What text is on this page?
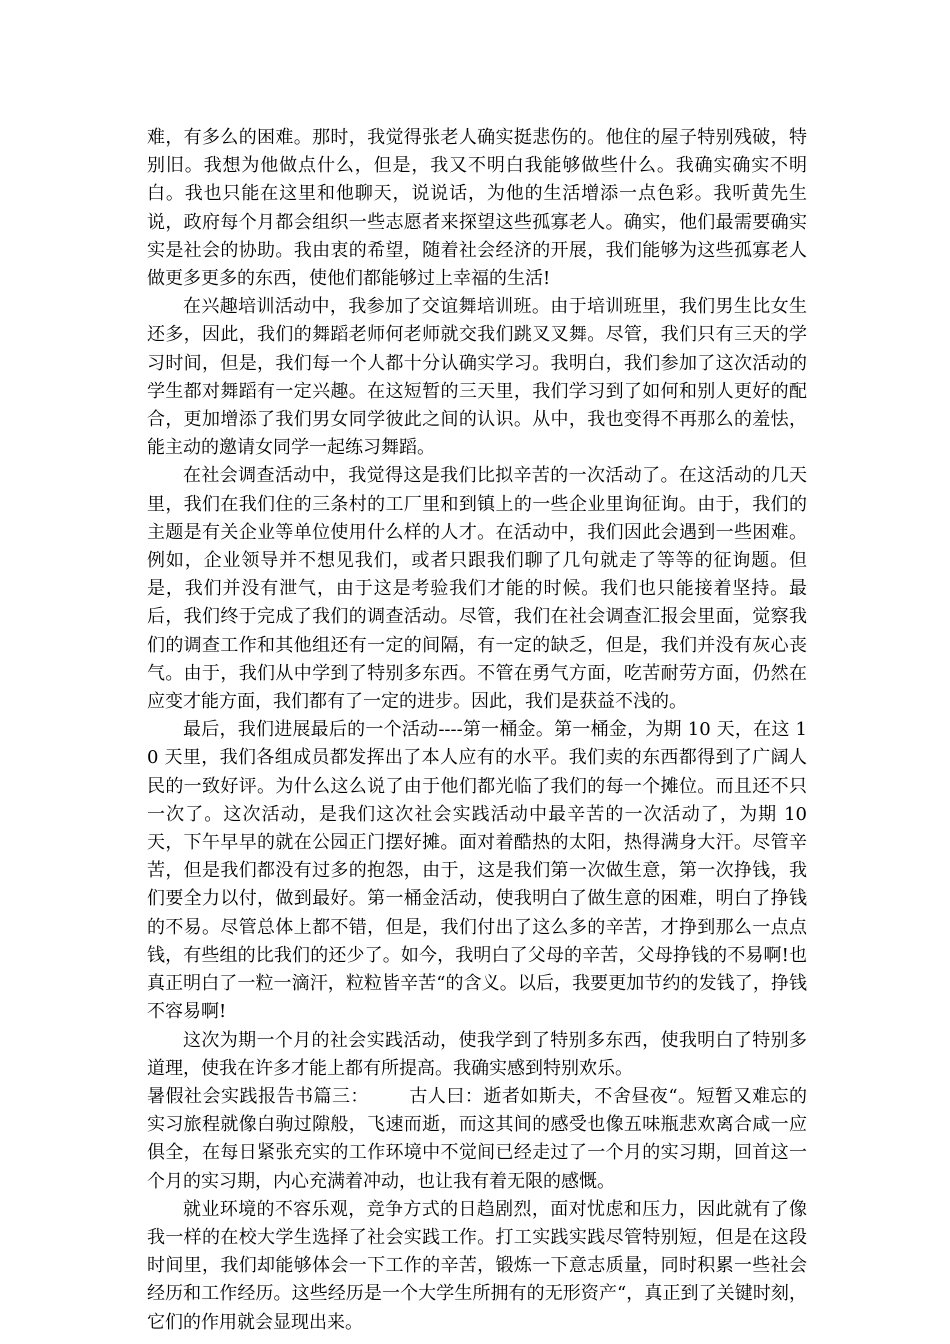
难，有多么的困难。那时，我觉得张老人确实挺悲伤的。他住的屋子特别残破，特别旧。我想为他做点什么，但是，我又不明白我能够做些什么。我确实确实不明白。我也只能在这里和他聊天，说说话，为他的生活增添一点色彩。我听黄先生说，政府每个月都会组织一些志愿者来探望这些孤寡老人。确实，他们最需要确实实是社会的协助。我由衷的希望，随着社会经济的开展，我们能够为这些孤寡老人做更多更多的东西，使他们都能够过上幸福的生活!

在兴趣培训活动中，我参加了交谊舞培训班。由于培训班里，我们男生比女生还多，因此，我们的舞蹈老师何老师就交我们跳叉叉舞。尽管，我们只有三天的学习时间，但是，我们每一个人都十分认确实学习。我明白，我们参加了这次活动的学生都对舞蹈有一定兴趣。在这短暂的三天里，我们学习到了如何和别人更好的配合，更加增添了我们男女同学彼此之间的认识。从中，我也变得不再那么的羞怯，能主动的邀请女同学一起练习舞蹈。

在社会调查活动中，我觉得这是我们比拟辛苦的一次活动了。在这活动的几天里，我们在我们住的三条村的工厂里和到镇上的一些企业里询征询。由于，我们的主题是有关企业等单位使用什么样的人才。在活动中，我们因此会遇到一些困难。例如，企业领导并不想见我们，或者只跟我们聊了几句就走了等等的征询题。但是，我们并没有泄气，由于这是考验我们才能的时候。我们也只能接着坚持。最后，我们终于完成了我们的调查活动。尽管，我们在社会调查汇报会里面，觉察我们的调查工作和其他组还有一定的间隔，有一定的缺乏，但是，我们并没有灰心丧气。由于，我们从中学到了特别多东西。不管在勇气方面，吃苦耐劳方面，仍然在应变才能方面，我们都有了一定的进步。因此，我们是获益不浅的。

最后，我们进展最后的一个活动----第一桶金。第一桶金，为期 10 天，在这 10 天里，我们各组成员都发挥出了本人应有的水平。我们卖的东西都得到了广阔人民的一致好评。为什么这么说了由于他们都光临了我们的每一个摊位。而且还不只一次了。这次活动，是我们这次社会实践活动中最辛苦的一次活动了，为期 10 天，下午早早的就在公园正门摆好摊。面对着酷热的太阳，热得满身大汗。尽管辛苦，但是我们都没有过多的抱怨，由于，这是我们第一次做生意，第一次挣钱，我们要全力以付，做到最好。第一桶金活动，使我明白了做生意的困难，明白了挣钱的不易。尽管总体上都不错，但是，我们付出了这么多的辛苦，才挣到那么一点点钱，有些组的比我们的还少了。如今，我明白了父母的辛苦，父母挣钱的不易啊!也真正明白了一粒一滴汗，粒粒皆辛苦“的含义。以后，我要更加节约的发钱了，挣钱不容易啊!

这次为期一个月的社会实践活动，使我学到了特别多东西，使我明白了特别多道理，使我在许多才能上都有所提高。我确实感到特别欢乐。

暑假社会实践报告书篇三： 古人曰：逝者如斯夫，不舍昼夜“。短暂又难忘的实习旅程就像白驹过隙般，飞速而逝，而这其间的感受也像五味瓶悲欢离合咸一应俱全，在每日紧张充实的工作环境中不觉间已经走过了一个月的实习期，回首这一个月的实习期，内心充满着冲动，也让我有着无限的感慨。

就业环境的不容乐观，竞争方式的日趋剧烈，面对忧虑和压力，因此就有了像我一样的在校大学生选择了社会实践工作。打工实践实践尽管特别短，但是在这段时间里，我们却能够体会一下工作的辛苦，锻炼一下意志质量，同时积累一些社会经历和工作经历。这些经历是一个大学生所拥有的无形资产“，真正到了关键时刻，它们的作用就会显现出来。
